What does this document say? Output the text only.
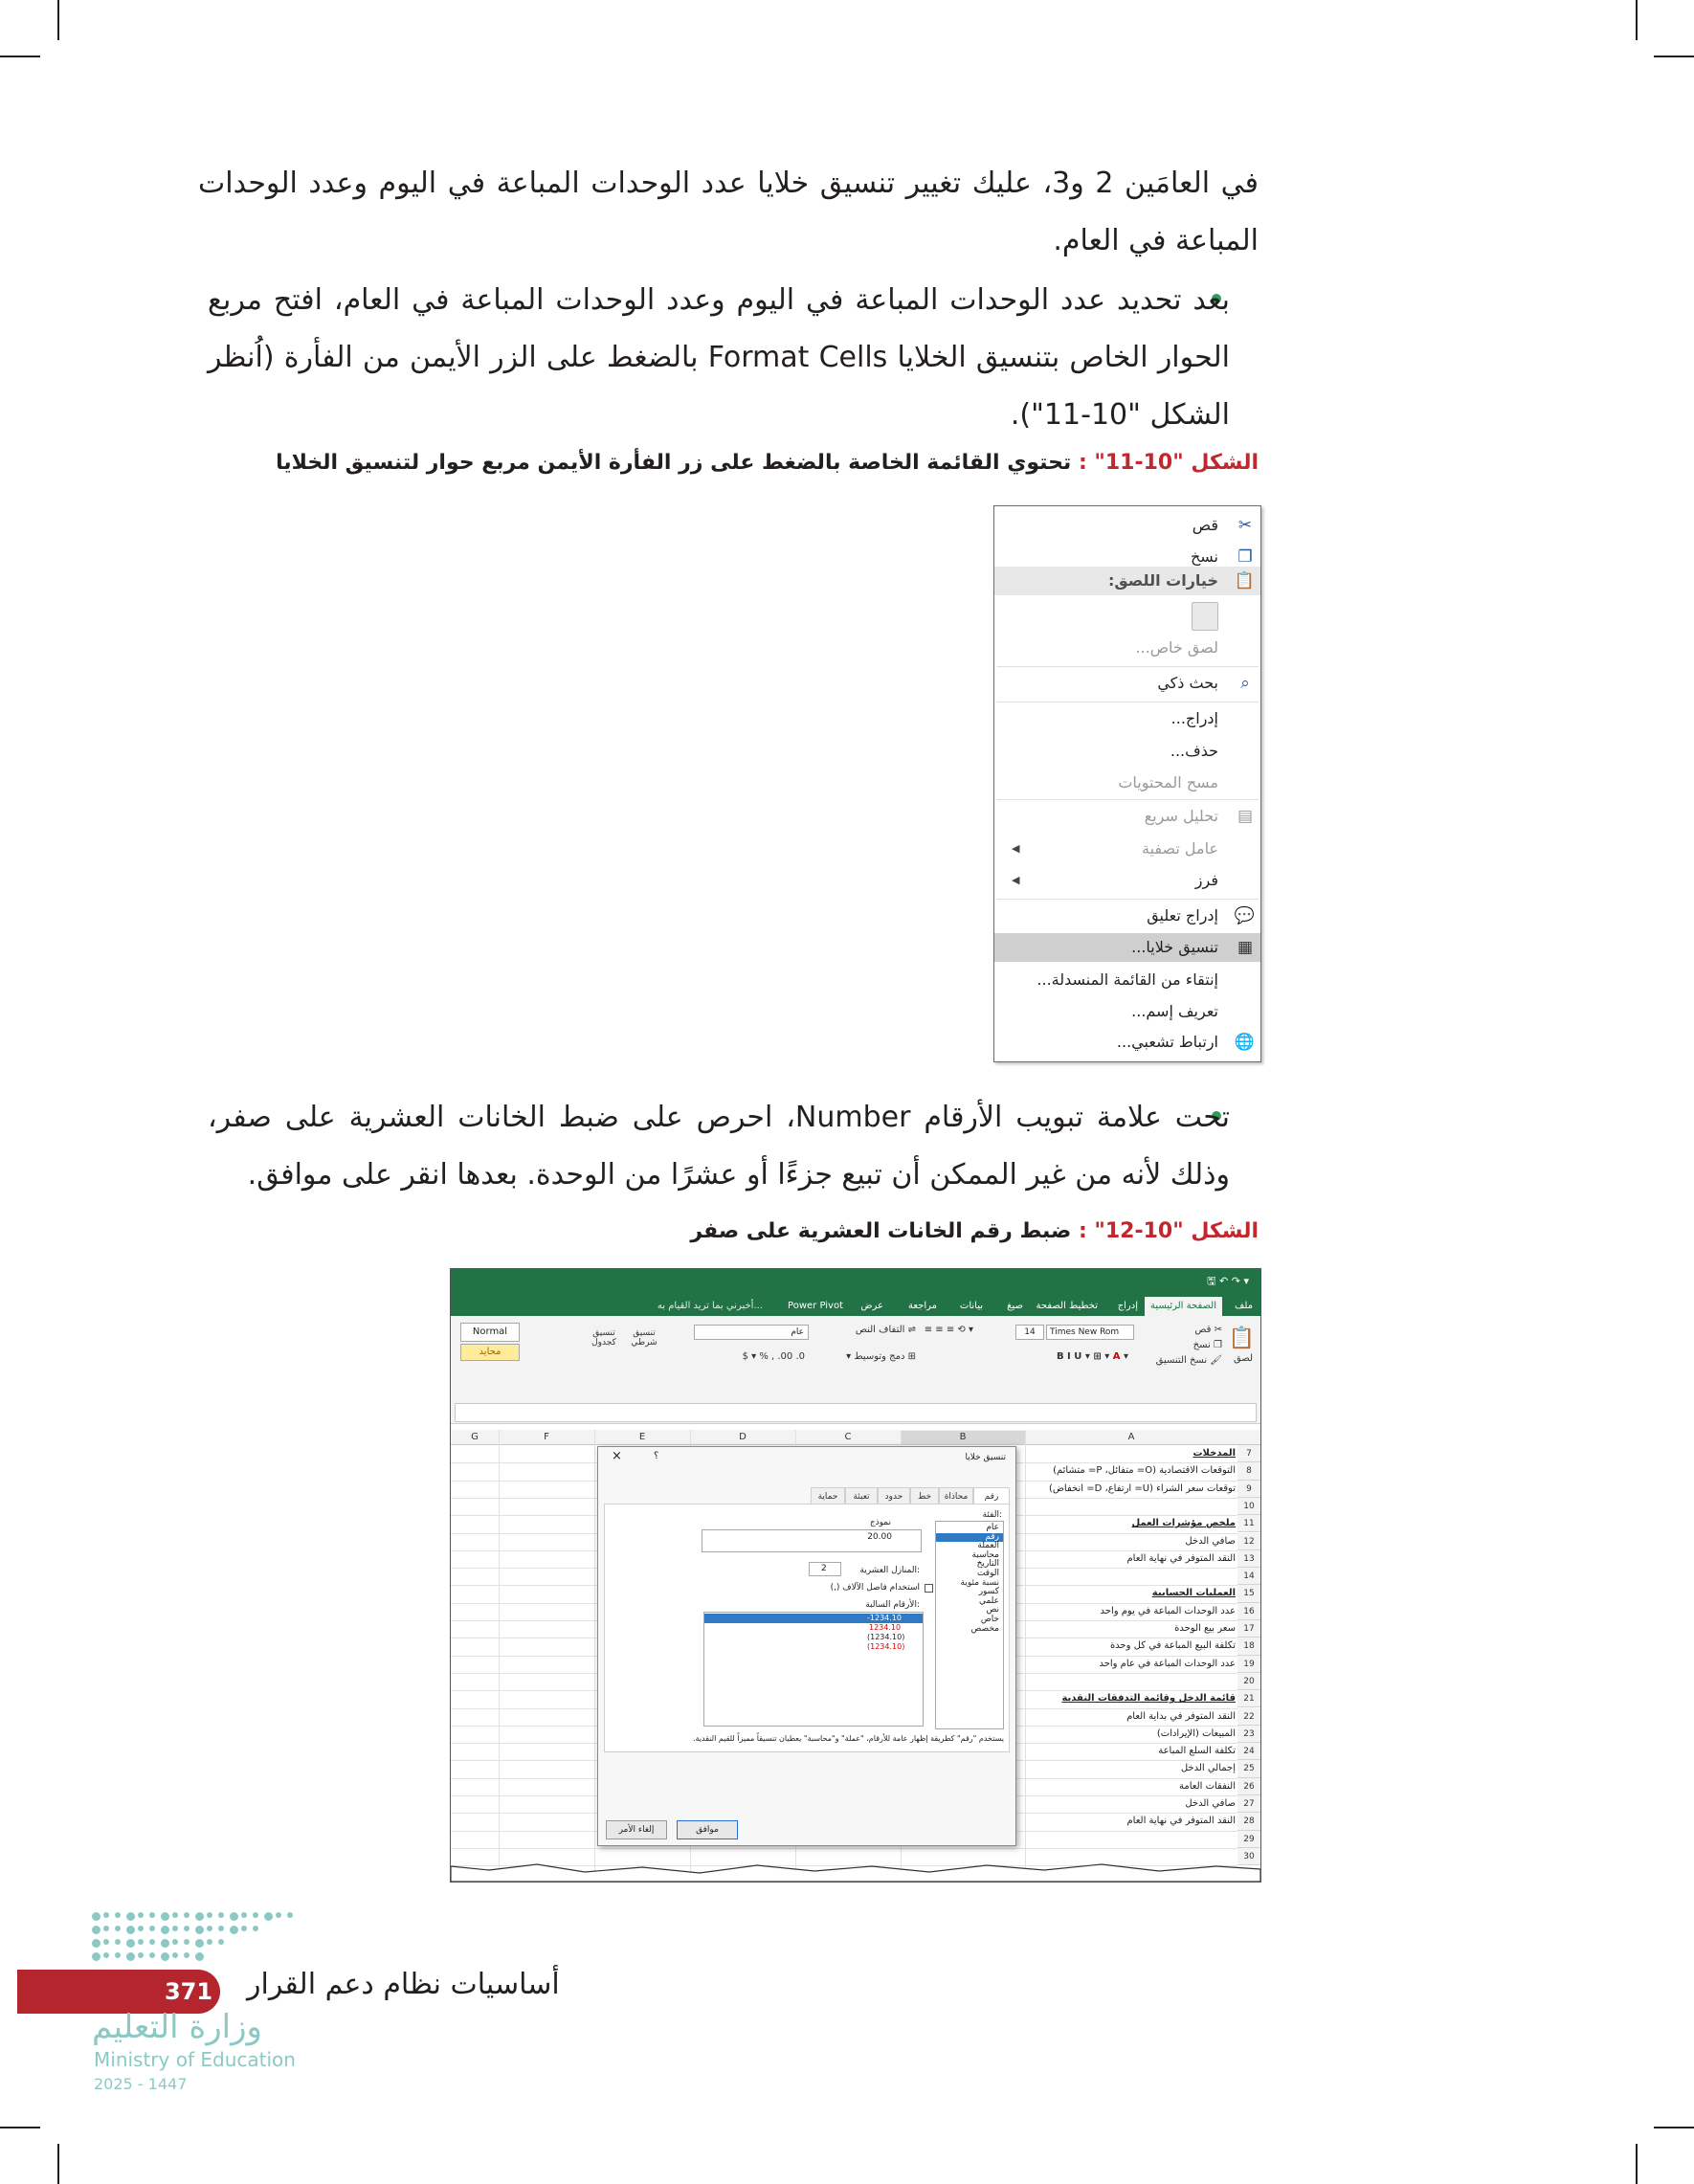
في العامَين 2 و3، عليك تغيير تنسيق خلايا عدد الوحدات المباعة في اليوم وعدد الوحدات المباعة في العام.
بعد تحديد عدد الوحدات المباعة في اليوم وعدد الوحدات المباعة في العام، افتح مربع الحوار الخاص بتنسيق الخلايا Format Cells بالضغط على الزر الأيمن من الفأرة (اُنظر الشكل "10-11").
الشكل "10-11" : تحتوي القائمة الخاصة بالضغط على زر الفأرة الأيمن مربع حوار لتنسيق الخلايا
✂
قص
❐
نسخ
📋
خيارات اللصق:
لصق خاص...
⌕
بحث ذكي
إدراج...
حذف...
مسح المحتويات
▤
تحليل سريع
◀	عامل تصفية
◀	فرز
💬
إدراج تعليق
▦
تنسيق خلايا...
إنتقاء من القائمة المنسدلة...
تعريف إسم...
🌐
ارتباط تشعبي...
تحت علامة تبويب الأرقام Number، احرص على ضبط الخانات العشرية على صفر، وذلك لأنه من غير الممكن أن تبيع جزءًا أو عشرًا من الوحدة. بعدها انقر على موافق.
الشكل "10-12" : ضبط رقم الخانات العشرية على صفر
🖫 ↶ ↷ ▾
ملف
الصفحة الرئيسية
إدراج
تخطيط الصفحة
صيغ
بيانات
مراجعة
عرض
Power Pivot
أخبرني بما تريد القيام به...
📋
لصق
✂ قص
❐ نسخ
🖌 نسخ التنسيق
Times New Rom
14
B I U ▾ ⊞ ▾ A ▾
≡ ≡ ≡ ⟲ ▾
⇌ التفاف النص
⊞ دمج وتوسيط ▾
عام
$ ▾ % , .00 .0
تنسيق شرطي
تنسيق كجدول
Normal
محايد
A
B
C
D
E
F
G
7
المدخلات
8
التوقعات الاقتصادية (O= متفائل، P= متشائم)
9
توقعات سعر الشراء (U= ارتفاع، D= انخفاض)
10
11
ملخص مؤشرات العمل
12
صافي الدخل
13
النقد المتوفر في نهاية العام
14
15
العمليات الحسابية
16
عدد الوحدات المباعة في يوم واحد
17
سعر بيع الوحدة
18
تكلفة البيع المباعة في كل وحدة
19
عدد الوحدات المباعة في عام واحد
20
21
قائمة الدخل وقائمة التدفقات النقدية
22
النقد المتوفر في بداية العام
23
المبيعات (الإيرادات)
24
تكلفة السلع المباعة
25
إجمالي الدخل
26
النفقات العامة
27
صافي الدخل
28
النقد المتوفر في نهاية العام
29
30
تنسيق خلايا
؟
×
رقم
محاذاة
خط
حدود
تعبئة
حماية
الفئة:
عام
رقم
العملة
محاسبة
التاريخ
الوقت
نسبة مئوية
كسور
علمي
نص
خاص
مخصص
نموذج
20.00
المنازل العشرية:
2
استخدام فاصل الآلاف (,)
الأرقام السالبة:
-1234.10
1234.10
(1234.10)
(1234.10)
يستخدم "رقم" كطريقة إظهار عامة للأرقام، "عملة" و"محاسبة" يعطيان تنسيقاً مميزاً للقيم النقدية.
موافق
إلغاء الأمر
371 أساسيات نظام دعم القرار
وزارة التعليم
Ministry of Education
2025 - 1447
